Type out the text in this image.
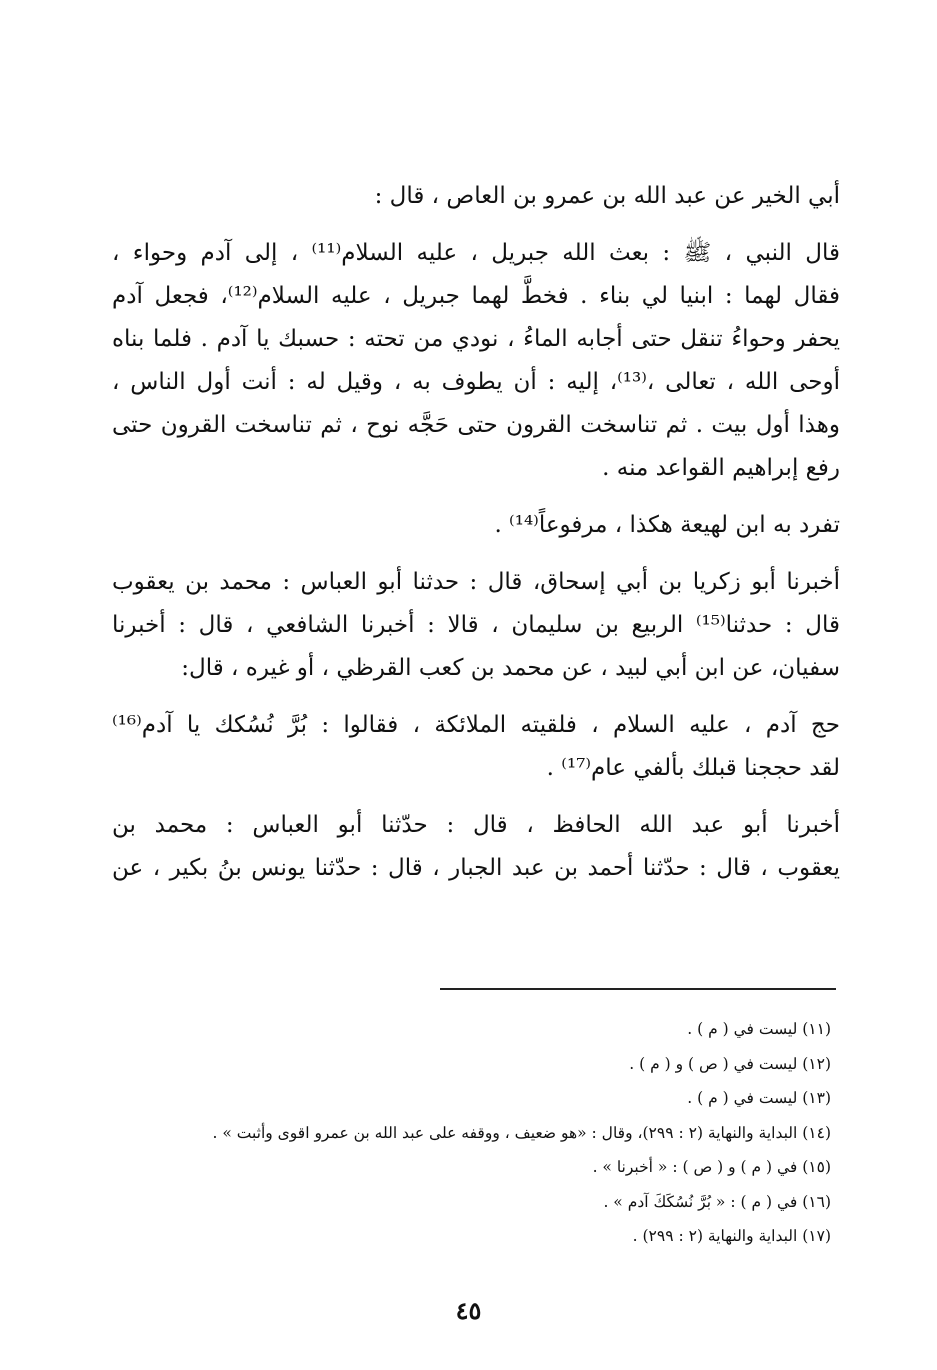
أبي الخير عن عبد الله بن عمرو بن العاص ، قال :

قال النبي ، ﷺ : بعث الله جبريل ، عليه السلام⁽¹¹⁾ ، إلى آدم وحواء ،
فقال لهما : ابنيا لي بناء . فخطَّ لهما جبريل ، عليه السلام⁽¹²⁾، فجعل آدم
يحفر وحواءُ تنقل حتى أجابه الماءُ ، نودي من تحته : حسبك يا آدم . فلما بناه
أوحى الله ، تعالى ،⁽¹³⁾، إليه : أن يطوف به ، وقيل له : أنت أول الناس ،
وهذا أول بيت . ثم تناسخت القرون حتى حَجَّه نوح ، ثم تناسخت القرون حتى
رفع إبراهيم القواعد منه .

تفرد به ابن لهيعة هكذا ، مرفوعاً⁽¹⁴⁾ .

أخبرنا أبو زكريا بن أبي إسحاق، قال : حدثنا أبو العباس : محمد بن يعقوب
قال : حدثنا⁽¹⁵⁾ الربيع بن سليمان ، قالا : أخبرنا الشافعي ، قال : أخبرنا
سفيان، عن ابن أبي لبيد ، عن محمد بن كعب القرظي ، أو غيره ، قال:

حج آدم ، عليه السلام ، فلقيته الملائكة ، فقالوا : بُرَّ نُسُكك يا آدم⁽¹⁶⁾
لقد حججنا قبلك بألفي عام⁽¹⁷⁾ .

أخبرنا أبو عبد الله الحافظ ، قال : حدّثنا أبو العباس : محمد بن
يعقوب ، قال : حدّثنا أحمد بن عبد الجبار ، قال : حدّثنا يونس بنُ بكير ، عن

(١١) ليست في ( م ) .
(١٢) ليست في ( ص ) و ( م ) .
(١٣) ليست في ( م ) .
(١٤) البداية والنهاية (٢ : ٢٩٩)، وقال : «هو ضعيف ، ووقفه على عبد الله بن عمرو اقوى وأثبت » .
(١٥) في ( م ) و ( ص ) : « أخبرنا » .
(١٦) في ( م ) : « بُرَّ نُسُكَكَ آدم » .
(١٧) البداية والنهاية (٢ : ٢٩٩) .
٤٥
